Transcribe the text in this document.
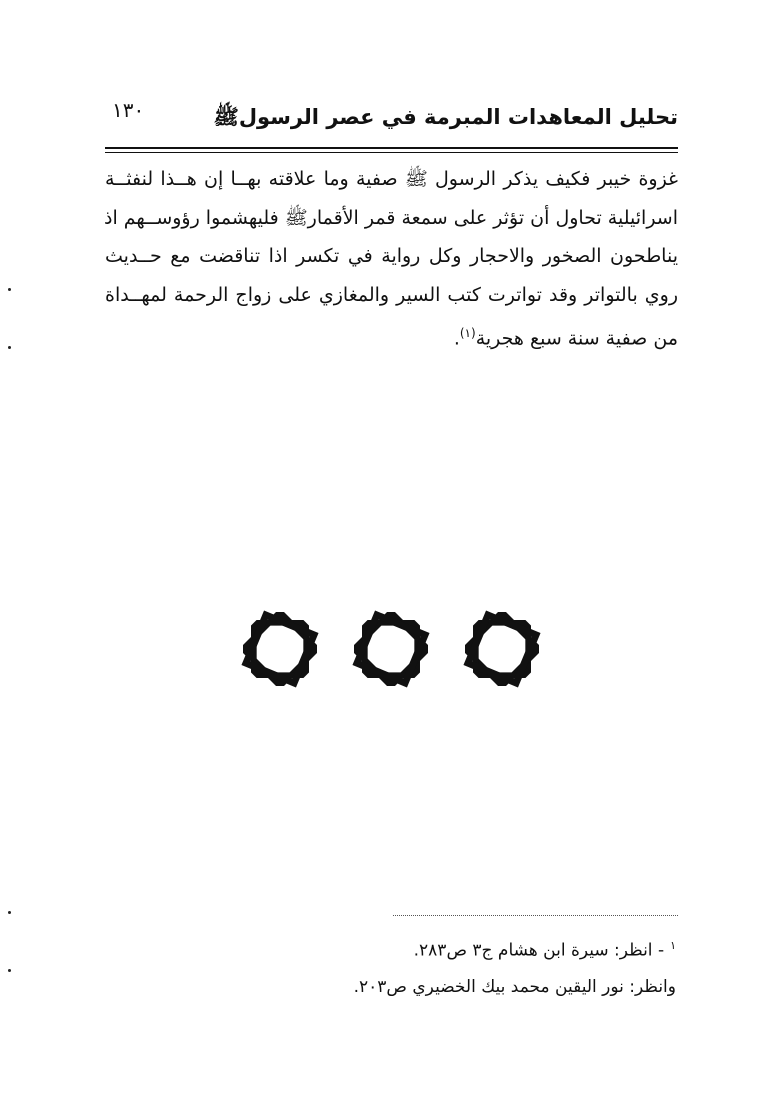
١٣٠	تحليل المعاهدات المبرمة في عصر الرسولﷺ
غزوة خيبر فكيف يذكر الرسول ﷺ صفية وما علاقته بهــا إن هــذا لنفثــة
اسرائيلية تحاول أن تؤثر على سمعة قمر الأقمارﷺ فليهشموا رؤوســهم اذ
يناطحون الصخور والاحجار وكل رواية في تكسر اذا تناقضت مع حــديث
روي بالتواتر وقد تواترت كتب السير والمغازي على زواج الرحمة لمهــداة
من صفية سنة سبع هجرية$^{(١)}$.
$^١$- انظر: سيرة ابن هشام ج٣ ص٢٨٣.
وانظر: نور اليقين محمد بيك الخضيري ص٢٠٣.
